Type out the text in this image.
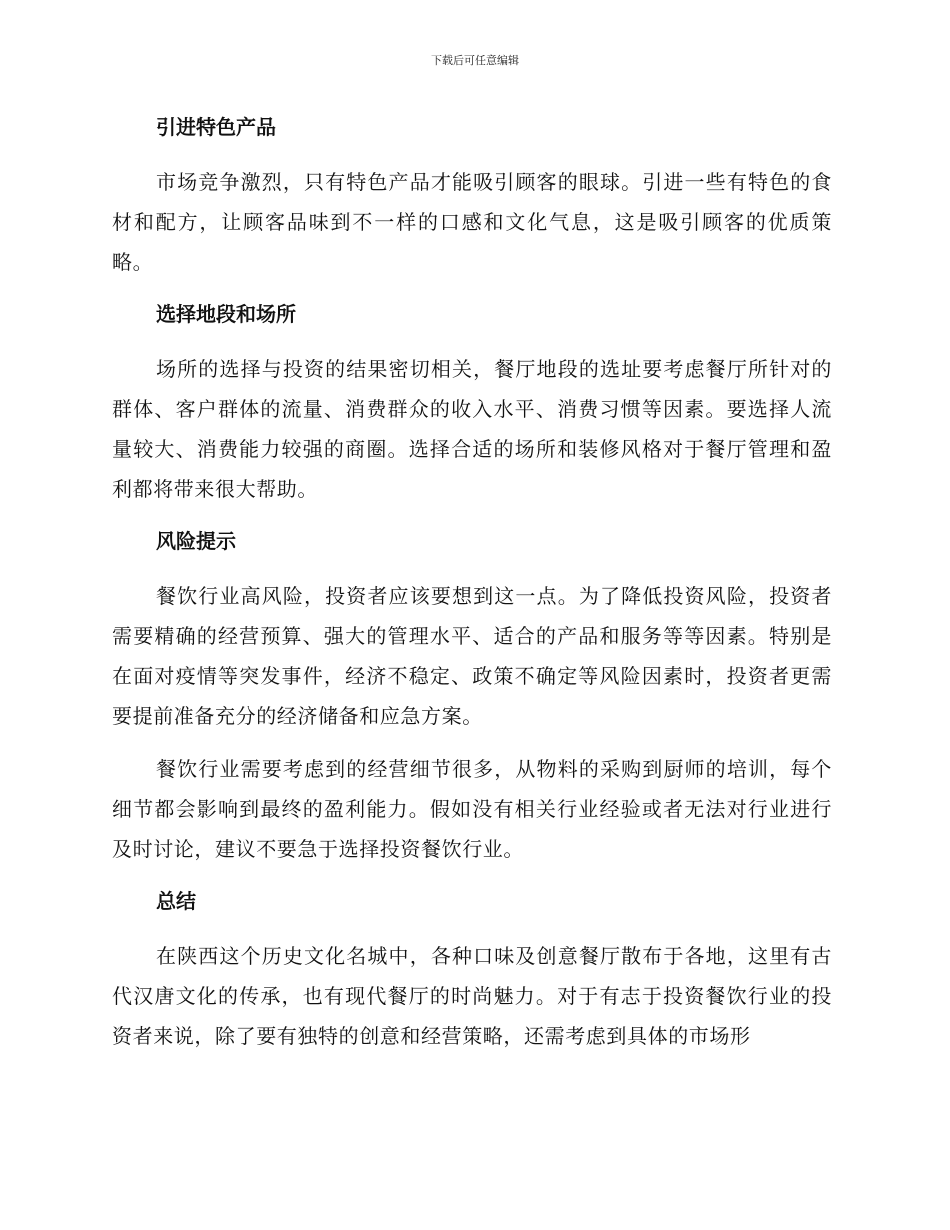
下载后可任意编辑
引进特色产品

市场竞争激烈，只有特色产品才能吸引顾客的眼球。引进一些有特色的食材和配方，让顾客品味到不一样的口感和文化气息，这是吸引顾客的优质策略。

选择地段和场所

场所的选择与投资的结果密切相关，餐厅地段的选址要考虑餐厅所针对的群体、客户群体的流量、消费群众的收入水平、消费习惯等因素。要选择人流量较大、消费能力较强的商圈。选择合适的场所和装修风格对于餐厅管理和盈利都将带来很大帮助。

风险提示

餐饮行业高风险，投资者应该要想到这一点。为了降低投资风险，投资者需要精确的经营预算、强大的管理水平、适合的产品和服务等等因素。特别是在面对疫情等突发事件，经济不稳定、政策不确定等风险因素时，投资者更需要提前准备充分的经济储备和应急方案。

餐饮行业需要考虑到的经营细节很多，从物料的采购到厨师的培训，每个细节都会影响到最终的盈利能力。假如没有相关行业经验或者无法对行业进行及时讨论，建议不要急于选择投资餐饮行业。

总结

在陕西这个历史文化名城中，各种口味及创意餐厅散布于各地，这里有古代汉唐文化的传承，也有现代餐厅的时尚魅力。对于有志于投资餐饮行业的投资者来说，除了要有独特的创意和经营策略，还需考虑到具体的市场形
